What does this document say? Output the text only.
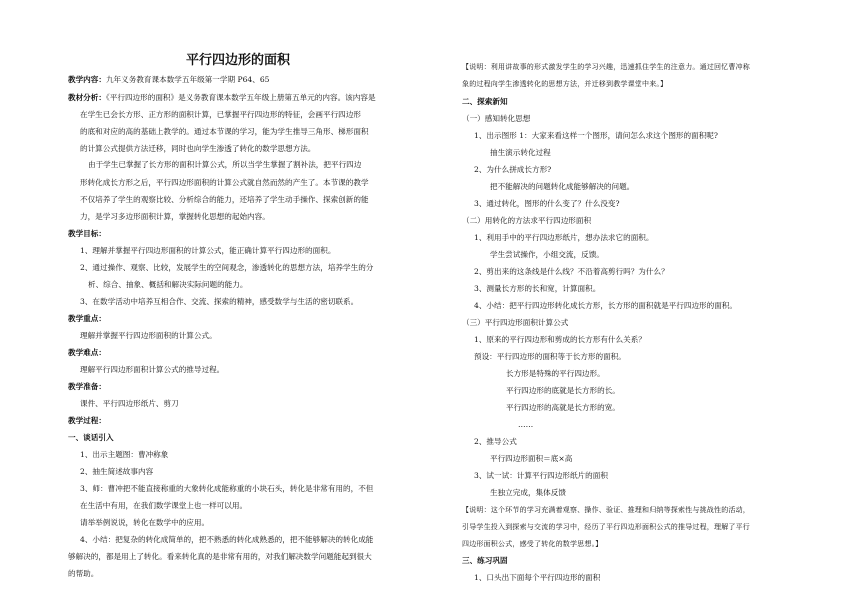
平行四边形的面积
教学内容：九年义务教育课本数学五年级第一学期 P64、65
教材分析：《平行四边形的面积》是义务教育课本数学五年级上册第五单元的内容。该内容是
在学生已会长方形、正方形的面积计算，已掌握平行四边形的特征，会画平行四边形
的底和对应的高的基础上教学的。通过本节课的学习，能为学生推导三角形、梯形面积
的计算公式提供方法迁移，同时也向学生渗透了转化的数学思想方法。
由于学生已掌握了长方形的面积计算公式，所以当学生掌握了割补法，把平行四边
形转化成长方形之后，平行四边形面积的计算公式就自然而然的产生了。本节课的教学
不仅培养了学生的观察比较、分析综合的能力，还培养了学生动手操作、探索创新的能
力，是学习多边形面积计算，掌握转化思想的起始内容。
教学目标：
1、理解并掌握平行四边形面积的计算公式，能正确计算平行四边形的面积。
2、通过操作、观察、比较，发展学生的空间观念，渗透转化的思想方法，培养学生的分
析、综合、抽象、概括和解决实际问题的能力。
3、在数学活动中培养互相合作、交流、探索的精神，感受数学与生活的密切联系。
教学重点：
理解并掌握平行四边形面积的计算公式。
教学难点：
理解平行四边形面积计算公式的推导过程。
教学准备：
课件、平行四边形纸片、剪刀
教学过程：
一、谈话引入
1、出示主题图：曹冲称象
2、抽生简述故事内容
3、师：曹冲把不能直接称重的大象转化成能称重的小块石头，转化是非常有用的，不但
在生活中有用，在我们数学课堂上也一样可以用。
请举举例说说，转化在数学中的应用。
4、小结：把复杂的转化成简单的，把不熟悉的转化成熟悉的，把不能够解决的转化成能
够解决的，都是用上了转化。看来转化真的是非常有用的，对我们解决数学问题能起到很大
的帮助。
【说明：利用讲故事的形式激发学生的学习兴趣，迅速抓住学生的注意力。通过回忆曹冲称
象的过程向学生渗透转化的思想方法，并迁移到教学课堂中来。】
二、探索新知
（一）感知转化思想
1、出示图形 1：大家来看这样一个图形，请问怎么求这个图形的面积呢?
抽生演示转化过程
2、为什么拼成长方形?
把不能解决的问题转化成能够解决的问题。
3、通过转化，图形的什么变了？什么没变?
（二）用转化的方法求平行四边形面积
1、利用手中的平行四边形纸片，想办法求它的面积。
学生尝试操作，小组交流，反馈。
2、剪出来的这条线是什么线？不沿着高剪行吗？为什么？
3、测量长方形的长和宽，计算面积。
4、小结：把平行四边形转化成长方形，长方形的面积就是平行四边形的面积。
（三）平行四边形面积计算公式
1、原来的平行四边形和剪成的长方形有什么关系？
预设：平行四边形的面积等于长方形的面积。
长方形是特殊的平行四边形。
平行四边形的底就是长方形的长。
平行四边形的高就是长方形的宽。
……
2、推导公式
平行四边形面积＝底×高
3、试一试：计算平行四边形纸片的面积
生独立完成，集体反馈
【说明：这个环节的学习充满着观察、操作、验证、推理和归纳等探索性与挑战性的活动，
引导学生投入到探索与交流的学习中，经历了平行四边形面积公式的推导过程，理解了平行
四边形面积公式，感受了转化的数学思想。】
三、练习巩固
1、口头出下面每个平行四边形的面积
